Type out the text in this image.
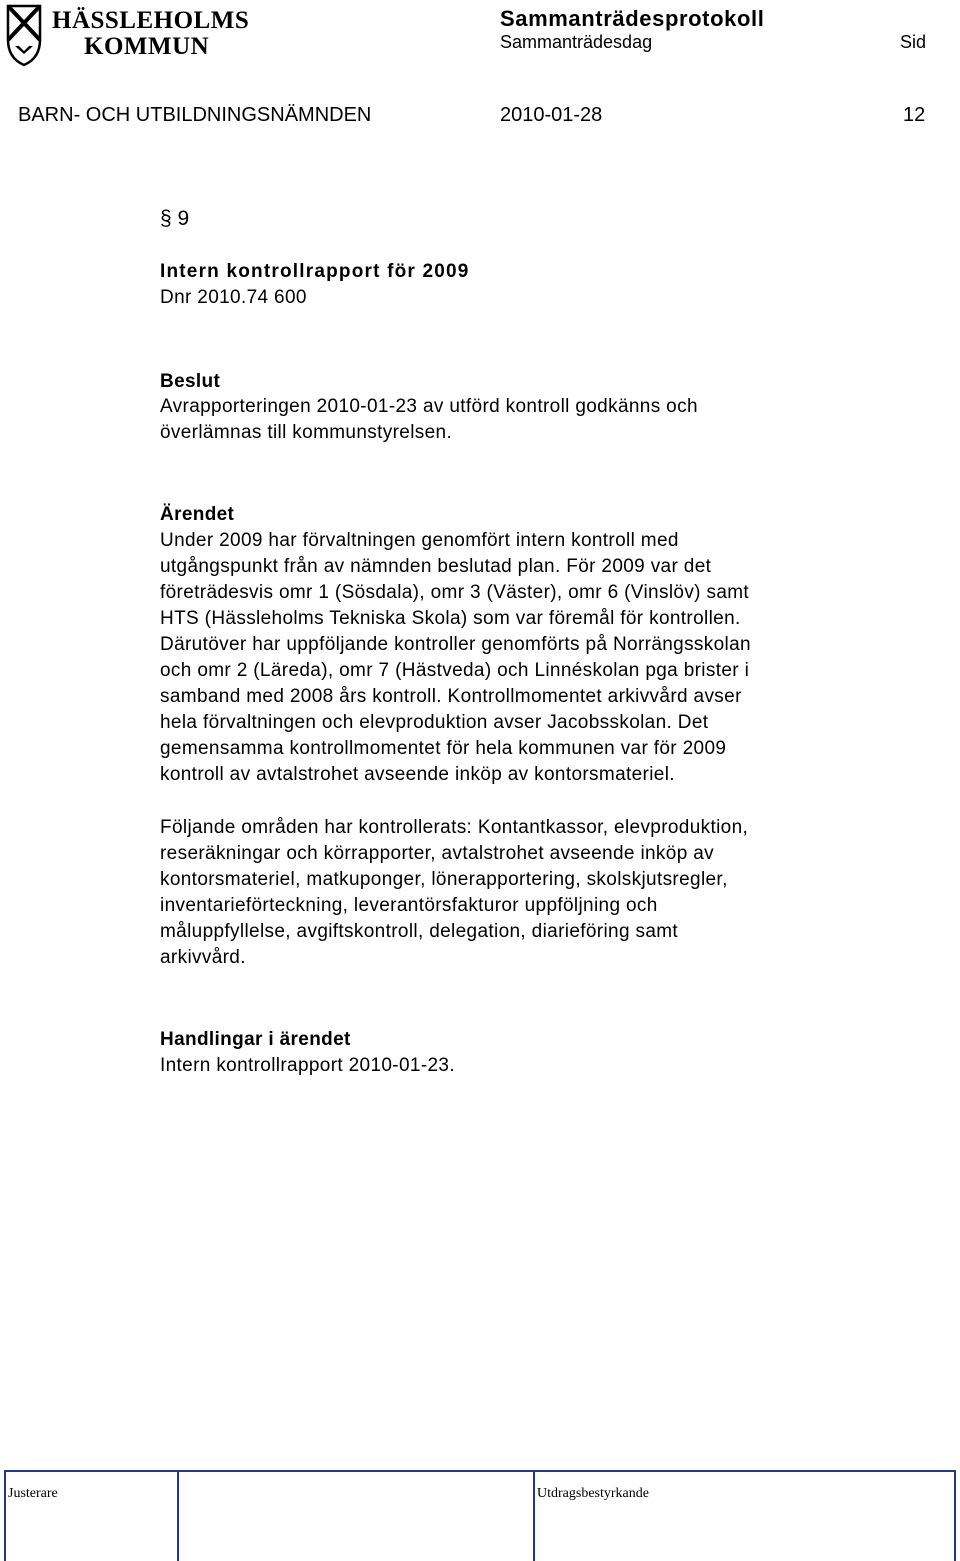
HÄSSLEHOLMS
KOMMUN
Sammanträdesprotokoll
Sammanträdesdag	Sid
BARN- OCH UTBILDNINGSNÄMNDEN	2010-01-28	12
§ 9
Intern kontrollrapport för 2009
Dnr 2010.74 600
Beslut
Avrapporteringen 2010-01-23 av utförd kontroll godkänns och
överlämnas till kommunstyrelsen.
Ärendet
Under 2009 har förvaltningen genomfört intern kontroll med
utgångspunkt från av nämnden beslutad plan. För 2009 var det
företrädesvis omr 1 (Sösdala), omr 3 (Väster), omr 6 (Vinslöv) samt
HTS (Hässleholms Tekniska Skola) som var föremål för kontrollen.
Därutöver har uppföljande kontroller genomförts på Norrängsskolan
och omr 2 (Läreda), omr 7 (Hästveda) och Linnéskolan pga brister i
samband med 2008 års kontroll. Kontrollmomentet arkivvård avser
hela förvaltningen och elevproduktion avser Jacobsskolan. Det
gemensamma kontrollmomentet för hela kommunen var för 2009
kontroll av avtalstrohet avseende inköp av kontorsmateriel.
Följande områden har kontrollerats: Kontantkassor, elevproduktion,
reseräkningar och körrapporter, avtalstrohet avseende inköp av
kontorsmateriel, matkuponger, lönerapportering, skolskjutsregler,
inventarieförteckning, leverantörsfakturor uppföljning och
måluppfyllelse, avgiftskontroll, delegation, diarieföring samt
arkivvård.
Handlingar i ärendet
Intern kontrollrapport 2010-01-23.
Justerare	Utdragsbestyrkande
